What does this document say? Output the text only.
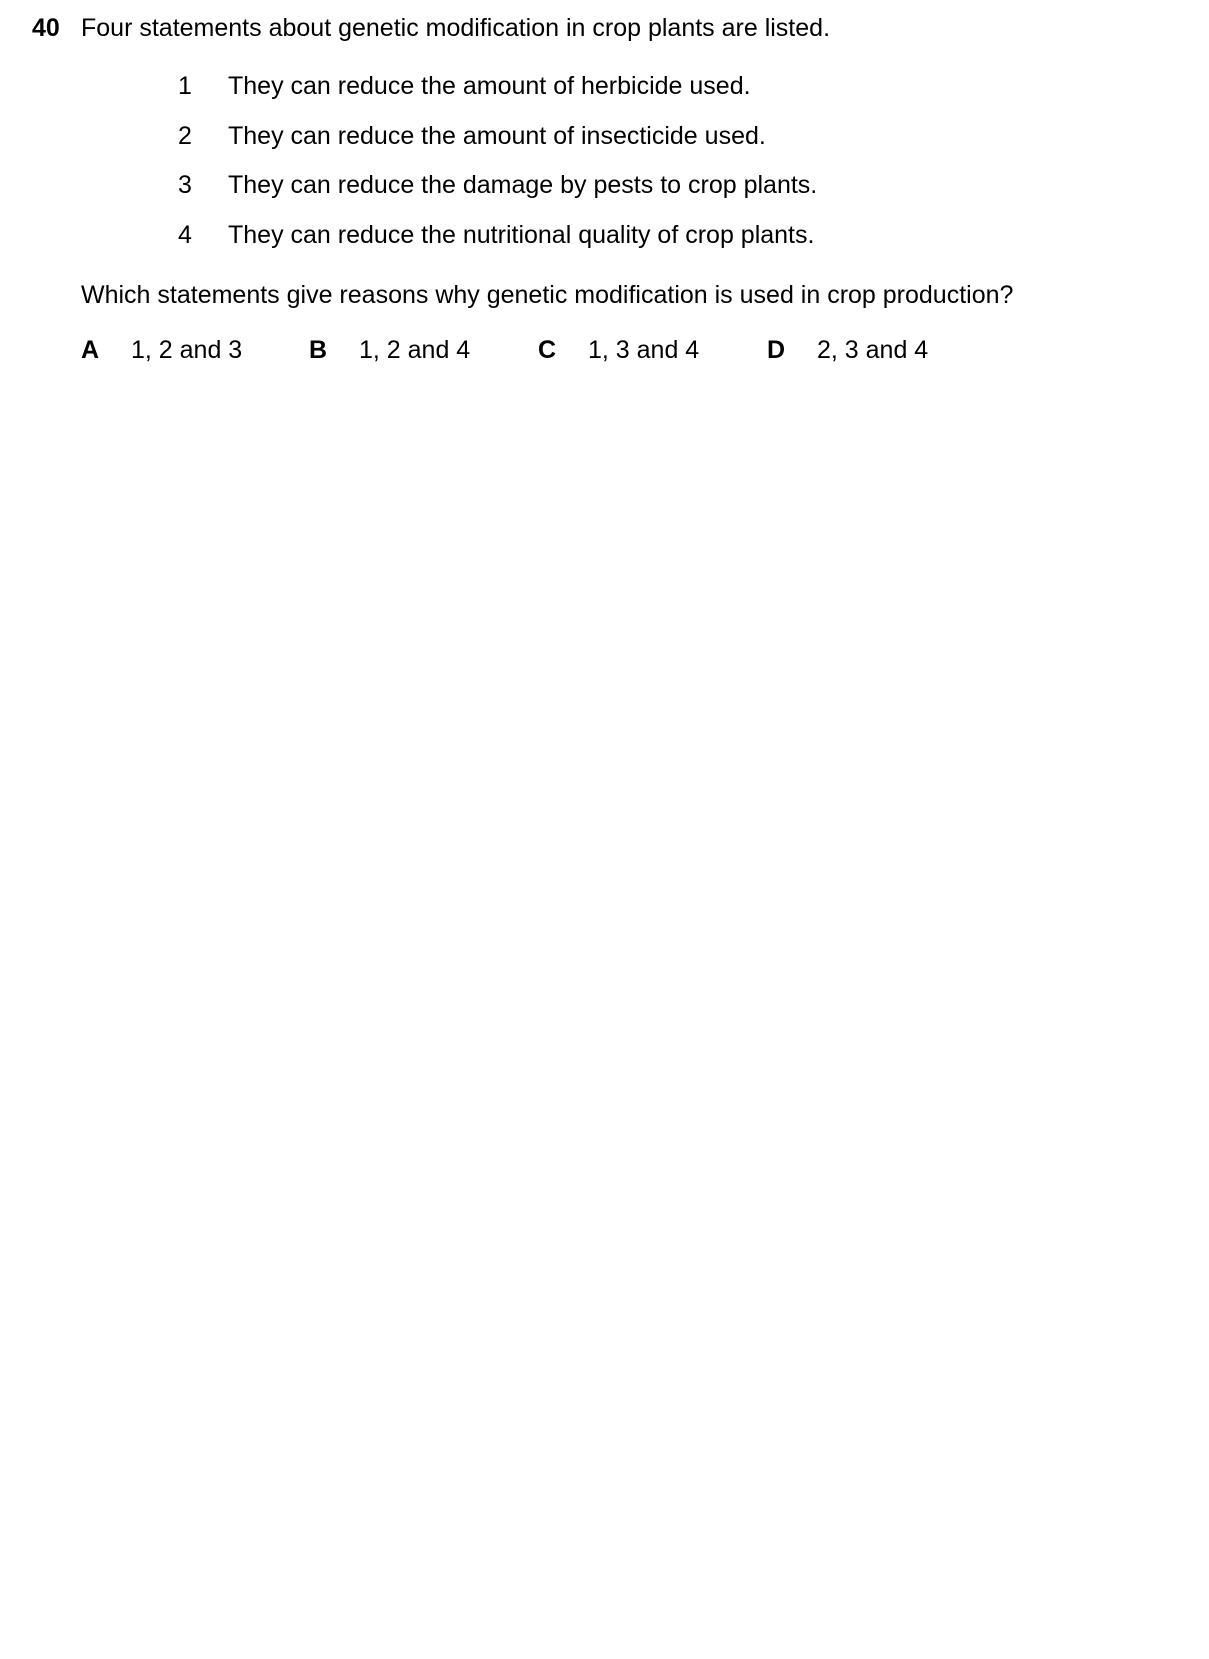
40 Four statements about genetic modification in crop plants are listed.
1 They can reduce the amount of herbicide used.
2 They can reduce the amount of insecticide used.
3 They can reduce the damage by pests to crop plants.
4 They can reduce the nutritional quality of crop plants.
Which statements give reasons why genetic modification is used in crop production?
A 1, 2 and 3	B 1, 2 and 4	C 1, 3 and 4	D 2, 3 and 4
